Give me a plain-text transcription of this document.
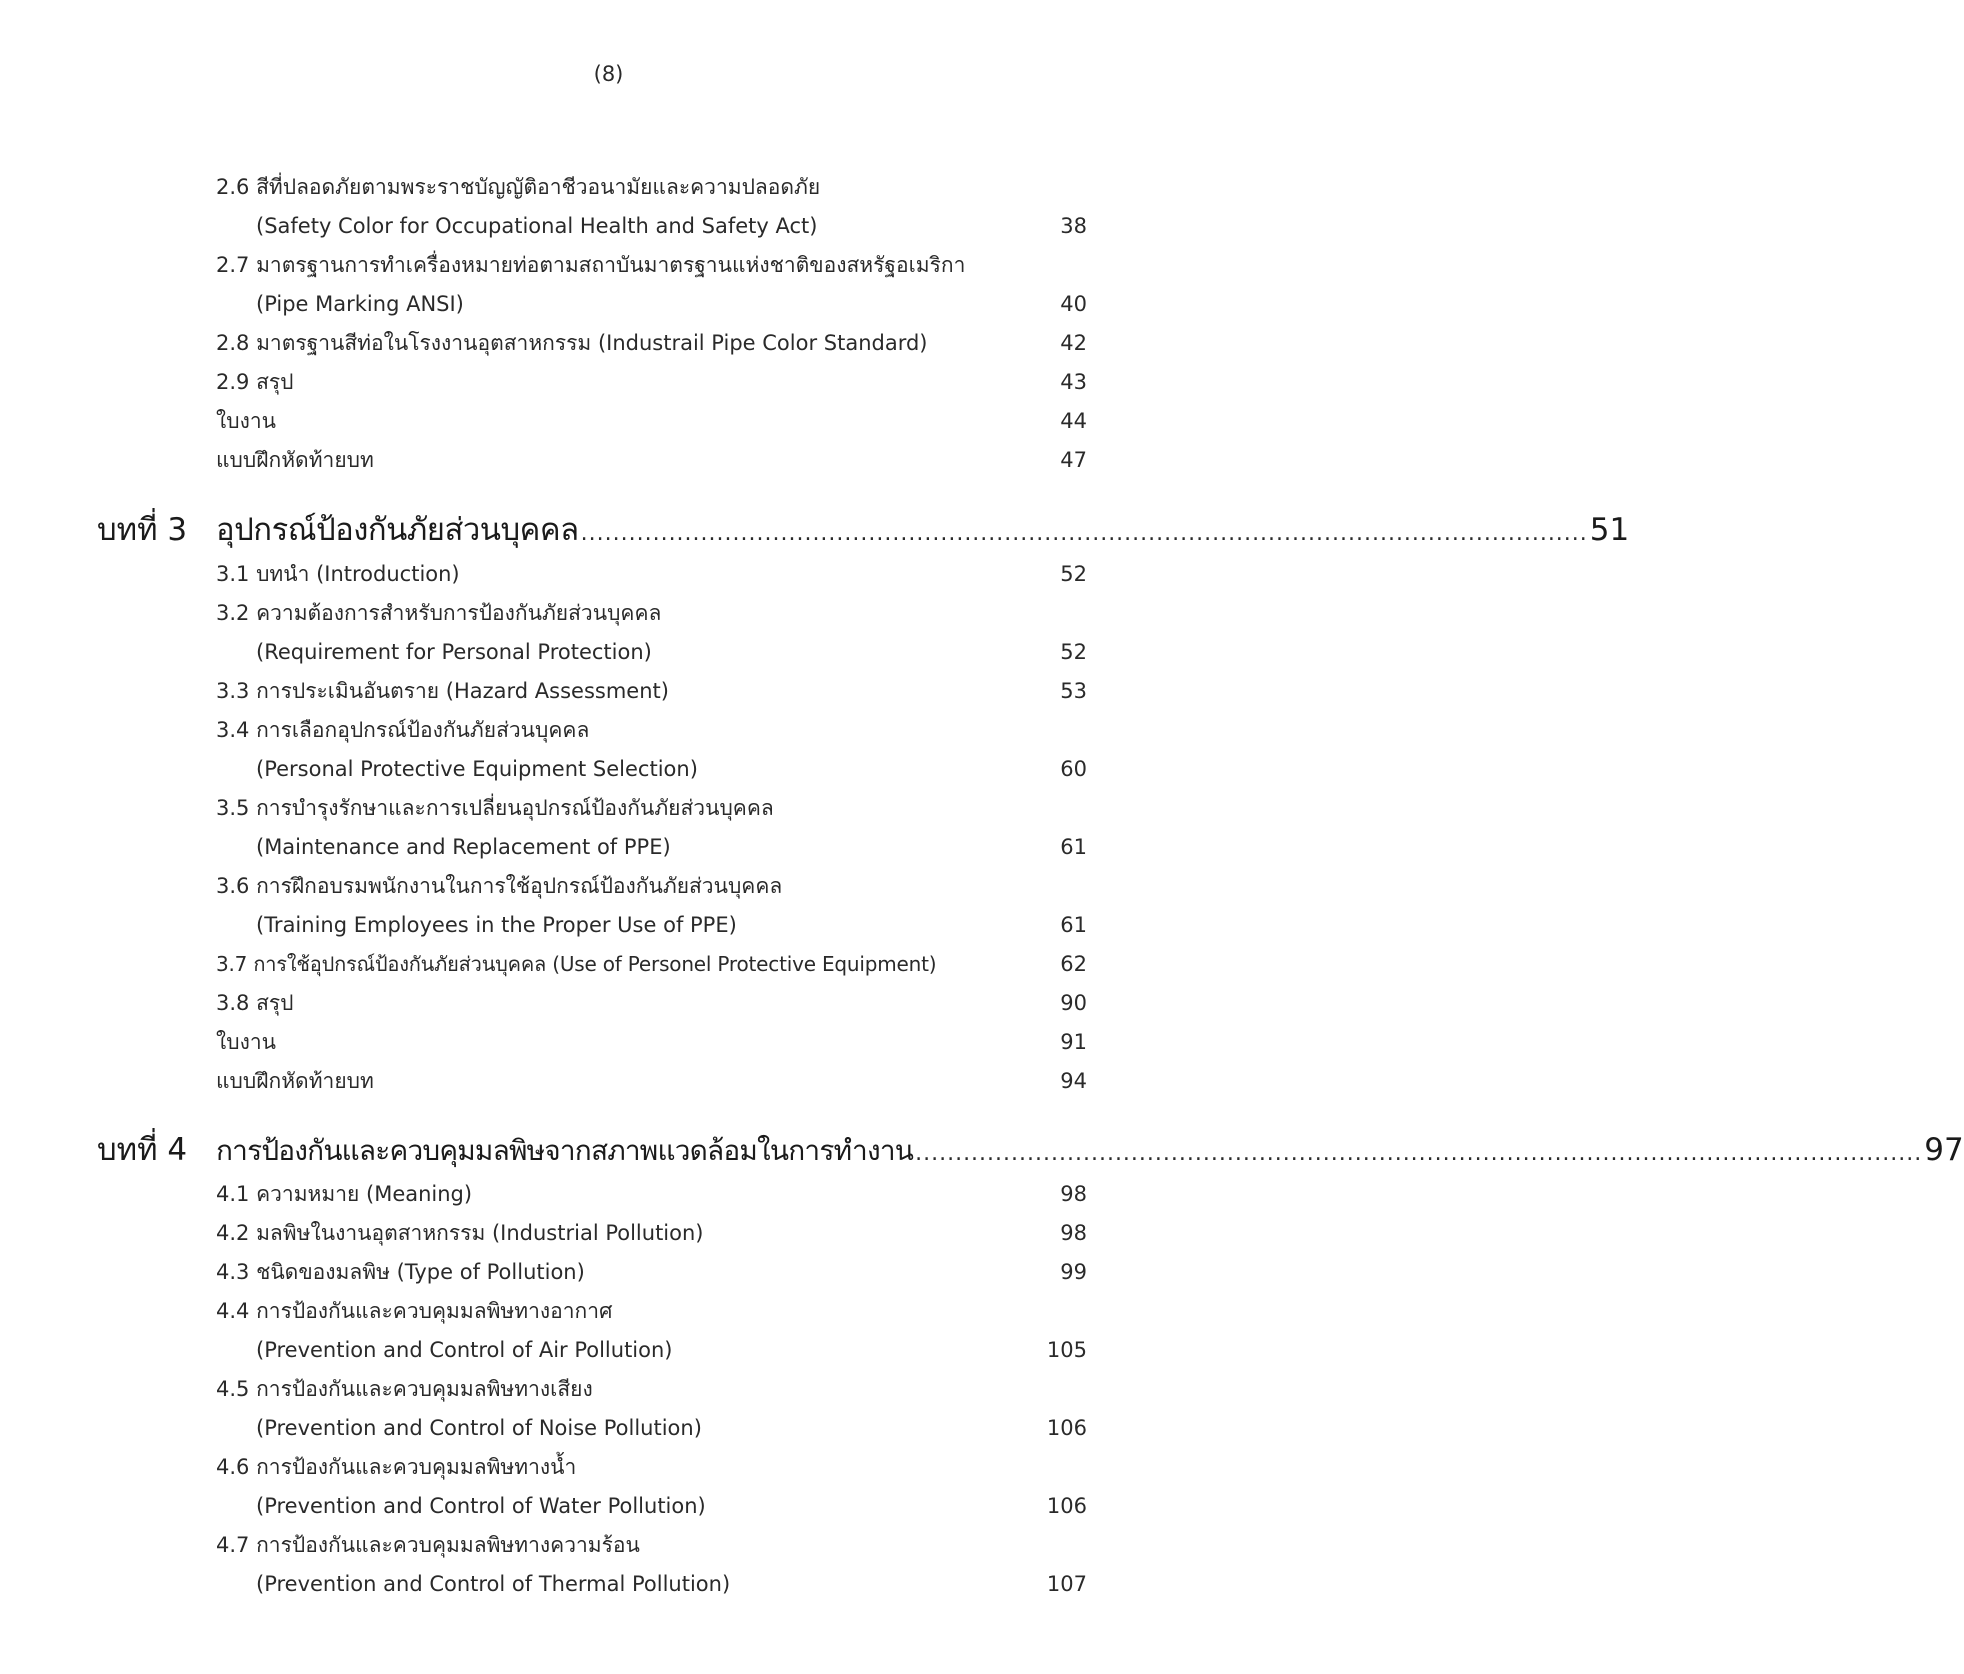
(8)
2.6 สีที่ปลอดภัยตามพระราชบัญญัติอาชีวอนามัยและความปลอดภัย
(Safety Color for Occupational Health and Safety Act)	38
2.7 มาตรฐานการทำเครื่องหมายท่อตามสถาบันมาตรฐานแห่งชาติของสหรัฐอเมริกา
(Pipe Marking ANSI)	40
2.8 มาตรฐานสีท่อในโรงงานอุตสาหกรรม (Industrail Pipe Color Standard)	42
2.9 สรุป	43
ใบงาน	44
แบบฝึกหัดท้ายบท	47
บทที่ 3 อุปกรณ์ป้องกันภัยส่วนบุคคล .............................................................................................................................. 51
3.1 บทนำ (Introduction)	52
3.2 ความต้องการสำหรับการป้องกันภัยส่วนบุคคล
(Requirement for Personal Protection)	52
3.3 การประเมินอันตราย (Hazard Assessment)	53
3.4 การเลือกอุปกรณ์ป้องกันภัยส่วนบุคคล
(Personal Protective Equipment Selection)	60
3.5 การบำรุงรักษาและการเปลี่ยนอุปกรณ์ป้องกันภัยส่วนบุคคล
(Maintenance and Replacement of PPE)	61
3.6 การฝึกอบรมพนักงานในการใช้อุปกรณ์ป้องกันภัยส่วนบุคคล
(Training Employees in the Proper Use of PPE)	61
3.7 การใช้อุปกรณ์ป้องกันภัยส่วนบุคคล (Use of Personel Protective Equipment)	62
3.8 สรุป	90
ใบงาน	91
แบบฝึกหัดท้ายบท	94
บทที่ 4 การป้องกันและควบคุมมลพิษจากสภาพแวดล้อมในการทำงาน .............................................................................................................................. 97
4.1 ความหมาย (Meaning)	98
4.2 มลพิษในงานอุตสาหกรรม (Industrial Pollution)	98
4.3 ชนิดของมลพิษ (Type of Pollution)	99
4.4 การป้องกันและควบคุมมลพิษทางอากาศ
(Prevention and Control of Air Pollution)	105
4.5 การป้องกันและควบคุมมลพิษทางเสียง
(Prevention and Control of Noise Pollution)	106
4.6 การป้องกันและควบคุมมลพิษทางน้ำ
(Prevention and Control of Water Pollution)	106
4.7 การป้องกันและควบคุมมลพิษทางความร้อน
(Prevention and Control of Thermal Pollution)	107
